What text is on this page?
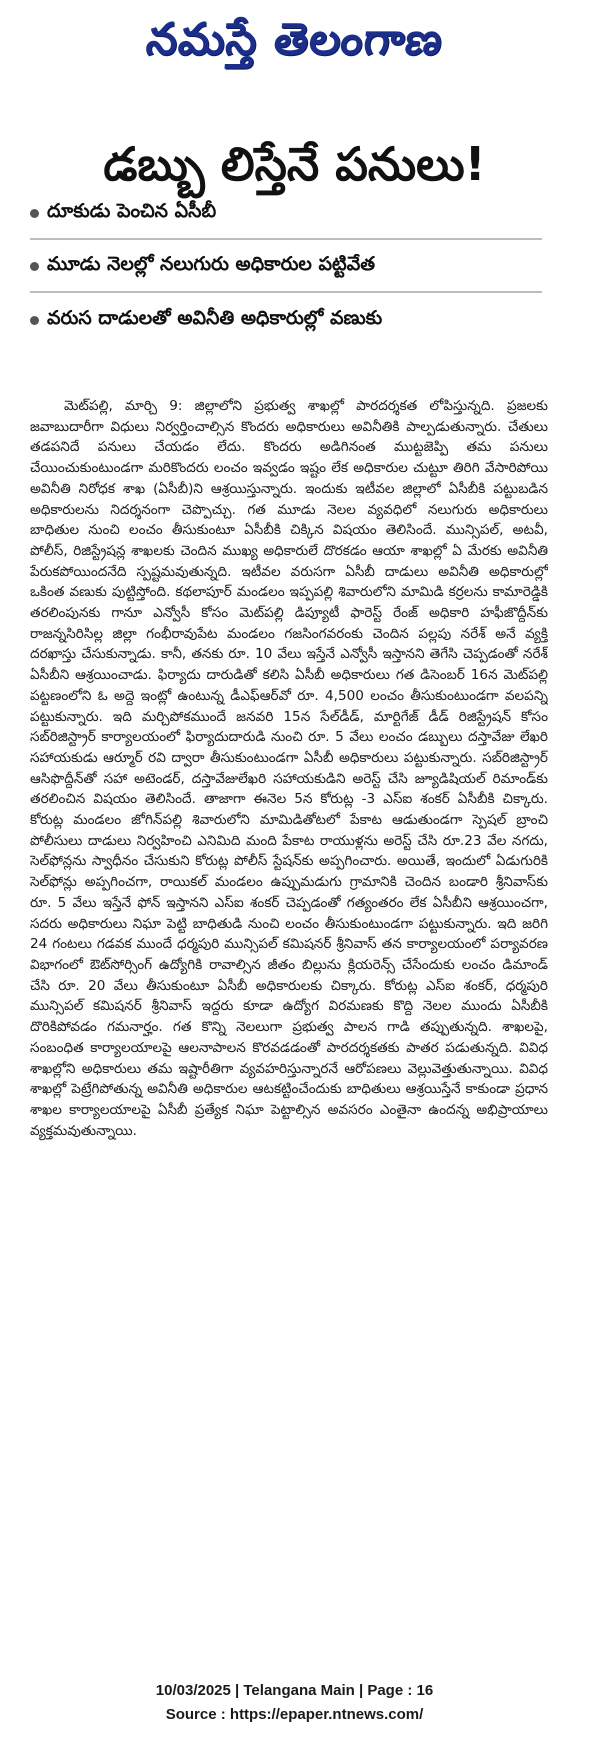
నమస్తే తెలంగాణ
డబ్బు లిస్తేనే పనులు!
దూకుడు పెంచిన ఏసీబీ
మూడు నెలల్లో నలుగురు అధికారుల పట్టివేత
వరుస దాడులతో అవినీతి అధికారుల్లో వణుకు
మెట్‌పల్లి, మార్చి 9: జిల్లాలోని ప్రభుత్వ శాఖల్లో పారదర్శకత లోపిస్తున్నది. ప్రజలకు జవాబుదారీగా విధులు నిర్వర్తించాల్సిన కొందరు అధికారులు అవినీతికి పాల్పడుతున్నారు. చేతులు తడపనిదే పనులు చేయడం లేదు. కొందరు అడిగినంత ముట్టజెప్పి తమ పనులు చేయించుకుంటుండగా మరికొందరు లంచం ఇవ్వడం ఇష్టం లేక అధికారుల చుట్టూ తిరిగి వేసారిపోయి అవినీతి నిరోధక శాఖ (ఏసీబీ)ని ఆశ్రయిస్తున్నారు. ఇందుకు ఇటీవల జిల్లాలో ఏసీబీకి పట్టుబడిన అధికారులను నిదర్శనంగా చెప్పొచ్చు. గత మూడు నెలల వ్యవధిలో నలుగురు అధికారులు బాధితుల నుంచి లంచం తీసుకుంటూ ఏసీబీకి చిక్కిన విషయం తెలిసిందే. మున్సిపల్, అటవీ, పోలీస్, రిజిస్ట్రేషన్ల శాఖలకు చెందిన ముఖ్య అధికారులే దొరకడం ఆయా శాఖల్లో ఏ మేరకు అవినీతి పేరుకపోయిందనేది స్పష్టమవుతున్నది. ఇటీవల వరుసగా ఏసీబీ దాడులు అవినీతి అధికారుల్లో ఒకింత వణుకు పుట్టిస్తోంది. కథలాపూర్ మండలం ఇప్పపల్లి శివారులోని మామిడి కర్రలను కామారెడ్డికి తరలింపునకు గానూ ఎన్వోసీ కోసం మెట్‌పల్లి డిప్యూటీ ఫారెస్ట్ రేంజ్ అధికారి హఫీజొద్దీన్‌కు రాజన్నసిరిసిల్ల జిల్లా గంభీరావుపేట మండలం గజసింగవరంకు చెందిన పల్లపు నరేశ్ అనే వ్యక్తి దరఖాస్తు చేసుకున్నాడు. కానీ, తనకు రూ. 10 వేలు ఇస్తేనే ఎన్వోసీ ఇస్తానని తెగేసి చెప్పడంతో నరేశ్ ఏసీబీని ఆశ్రయించాడు. ఫిర్యాదు దారుడితో కలిసి ఏసీబీ అధికారులు గత డిసెంబర్ 16న మెట్‌పల్లి పట్టణంలోని ఓ అద్దె ఇంట్లో ఉంటున్న డీఎఫ్ఆర్‌వో రూ. 4,500 లంచం తీసుకుంటుండగా వలపన్ని పట్టుకున్నారు. ఇది మర్చిపోకముందే జనవరి 15న సేల్‌డీడ్, మార్టిగేజ్ డీడ్ రిజిస్ట్రేషన్ కోసం సబ్‌రిజిస్ట్రార్ కార్యాలయంలో ఫిర్యాదుదారుడి నుంచి రూ. 5 వేలు లంచం డబ్బులు దస్తావేజు లేఖరి సహాయకుడు ఆర్మూర్ రవి ద్వారా తీసుకుంటుండగా ఏసీబీ అధికారులు పట్టుకున్నారు. సబ్‌రిజిస్ట్రార్ ఆసిఫొద్దీన్‌తో సహా అటెండర్, దస్తావేజులేఖరి సహాయకుడిని అరెస్ట్ చేసి జ్యూడిషియల్ రిమాండ్‌కు తరలించిన విషయం తెలిసిందే. తాజాగా ఈనెల 5న కోరుట్ల -3 ఎస్ఐ శంకర్ ఏసీబీకి చిక్కారు. కోరుట్ల మండలం జోగిన్‌పల్లి శివారులోని మామిడితోటలో పేకాట ఆడుతుండగా స్పెషల్ బ్రాంచి పోలీసులు దాడులు నిర్వహించి ఎనిమిది మంది పేకాట రాయుళ్లను అరెస్ట్ చేసి రూ.23 వేల నగదు, సెల్‌ఫోన్లను స్వాధీనం చేసుకుని కోరుట్ల పోలీస్ స్టేషన్‌కు అప్పగించారు. అయితే, ఇందులో ఏడుగురికి సెల్‌ఫోన్లు అప్పగించగా, రాయికల్ మండలం ఉప్పుమడుగు గ్రామానికి చెందిన బండారి శ్రీనివాస్‌కు రూ. 5 వేలు ఇస్తేనే ఫోన్ ఇస్తానని ఎస్ఐ శంకర్ చెప్పడంతో గత్యంతరం లేక ఏసీబీని ఆశ్రయించగా, సదరు అధికారులు నిఘా పెట్టి బాధితుడి నుంచి లంచం తీసుకుంటుండగా పట్టుకున్నారు. ఇది జరిగి 24 గంటలు గడవక ముందే ధర్మపురి మున్సిపల్ కమిషనర్ శ్రీనివాస్ తన కార్యాలయంలో పర్యావరణ విభాగంలో ఔట్‌సోర్సింగ్ ఉద్యోగికి రావాల్సిన జీతం బిల్లును క్లియరెన్స్ చేసేందుకు లంచం డిమాండ్ చేసి రూ. 20 వేలు తీసుకుంటూ ఏసీబీ అధికారులకు చిక్కారు. కోరుట్ల ఎస్ఐ శంకర్, ధర్మపురి మున్సిపల్ కమిషనర్ శ్రీనివాస్ ఇద్దరు కూడా ఉద్యోగ విరమణకు కొద్ది నెలల ముందు ఏసీబీకి దొరికిపోవడం గమనార్హం. గత కొన్ని నెలలుగా ప్రభుత్వ పాలన గాడి తప్పుతున్నది. శాఖలపై, సంబంధిత కార్యాలయాలపై ఆలనాపాలన కొరవడడంతో పారదర్శకతకు పాతర పడుతున్నది. వివిధ శాఖల్లోని అధికారులు తమ ఇష్టారీతిగా వ్యవహరిస్తున్నారనే ఆరోపణలు వెల్లువెత్తుతున్నాయి. వివిధ శాఖల్లో పెట్రేగిపోతున్న అవినీతి అధికారుల ఆటకట్టించేందుకు బాధితులు ఆశ్రయిస్తేనే కాకుండా ప్రధాన శాఖల కార్యాలయాలపై ఏసీబీ ప్రత్యేక నిఘా పెట్టాల్సిన అవసరం ఎంతైనా ఉందన్న అభిప్రాయాలు వ్యక్తమవుతున్నాయి.
10/03/2025 | Telangana Main | Page : 16
Source : https://epaper.ntnews.com/
